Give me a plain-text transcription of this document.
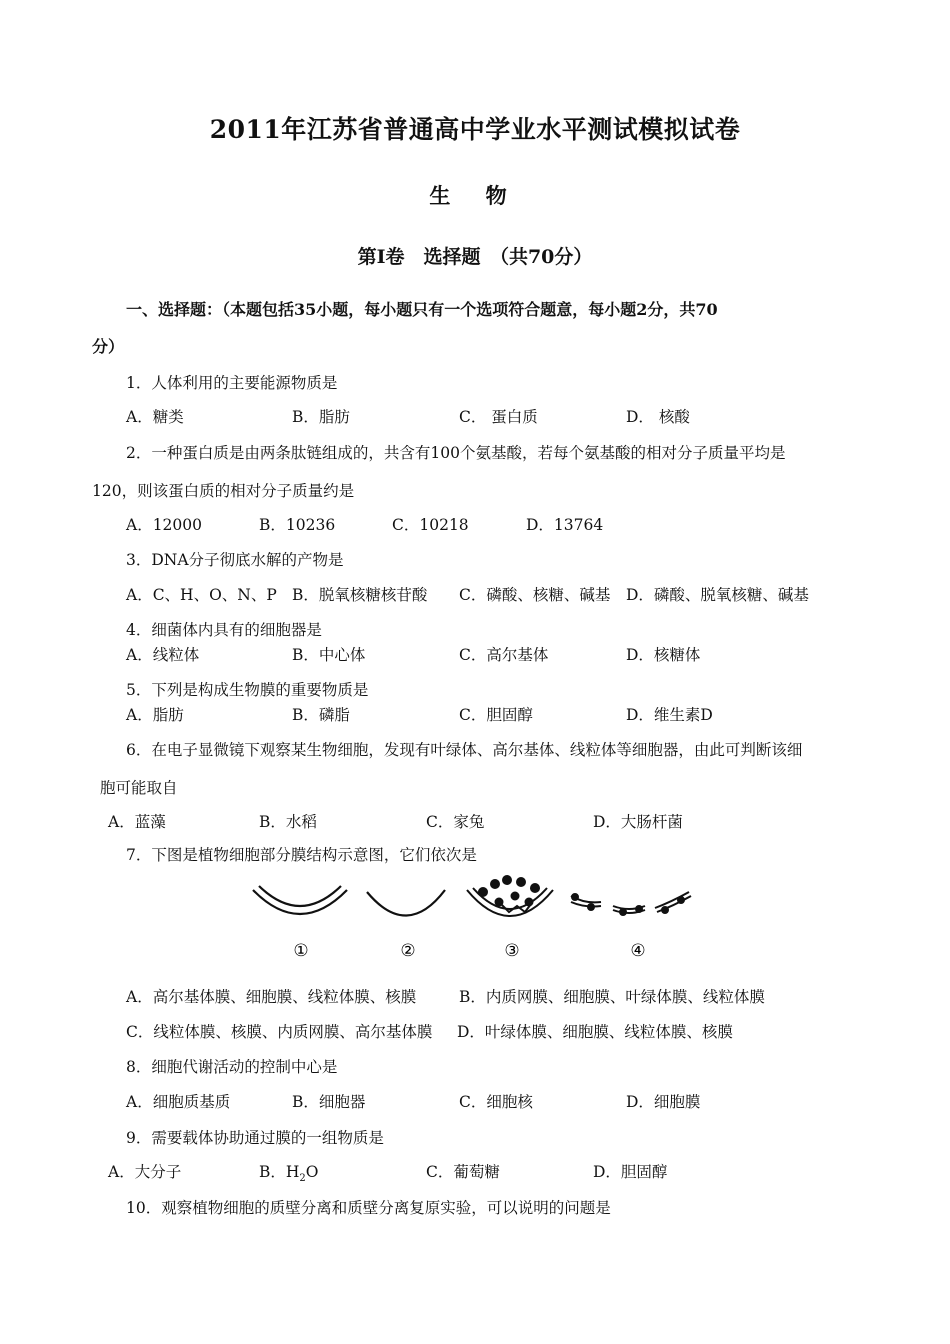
2011年江苏省普通高中学业水平测试模拟试卷
生 物
第Ⅰ卷　选择题　（共70分）
一、选择题：（本题包括35小题，每小题只有一个选项符合题意，每小题2分，共70
分）
1．人体利用的主要能源物质是
A．糖类	B．脂肪	C． 蛋白质	D． 核酸
2．一种蛋白质是由两条肽链组成的，共含有100个氨基酸，若每个氨基酸的相对分子质量平均是
120，则该蛋白质的相对分子质量约是
A．12000	B．10236	C．10218	D．13764
3．DNA分子彻底水解的产物是
A．C、H、O、N、P B．脱氧核糖核苷酸 C．磷酸、核糖、碱基 D．磷酸、脱氧核糖、碱基
4．细菌体内具有的细胞器是
A．线粒体	B．中心体	C．高尔基体	D．核糖体
5．下列是构成生物膜的重要物质是
A．脂肪	B．磷脂	C．胆固醇	D．维生素D
6．在电子显微镜下观察某生物细胞，发现有叶绿体、高尔基体、线粒体等细胞器，由此可判断该细
胞可能取自
A．蓝藻	B．水稻	C．家兔	D．大肠杆菌
7．下图是植物细胞部分膜结构示意图，它们依次是
①	②	③	④
A．高尔基体膜、细胞膜、线粒体膜、核膜	B．内质网膜、细胞膜、叶绿体膜、线粒体膜
C．线粒体膜、核膜、内质网膜、高尔基体膜 D．叶绿体膜、细胞膜、线粒体膜、核膜
8．细胞代谢活动的控制中心是
A．细胞质基质	B．细胞器	C．细胞核	D．细胞膜
9．需要载体协助通过膜的一组物质是
A．大分子	B．$H_2O$	C．葡萄糖	D．胆固醇
10．观察植物细胞的质壁分离和质壁分离复原实验，可以说明的问题是
